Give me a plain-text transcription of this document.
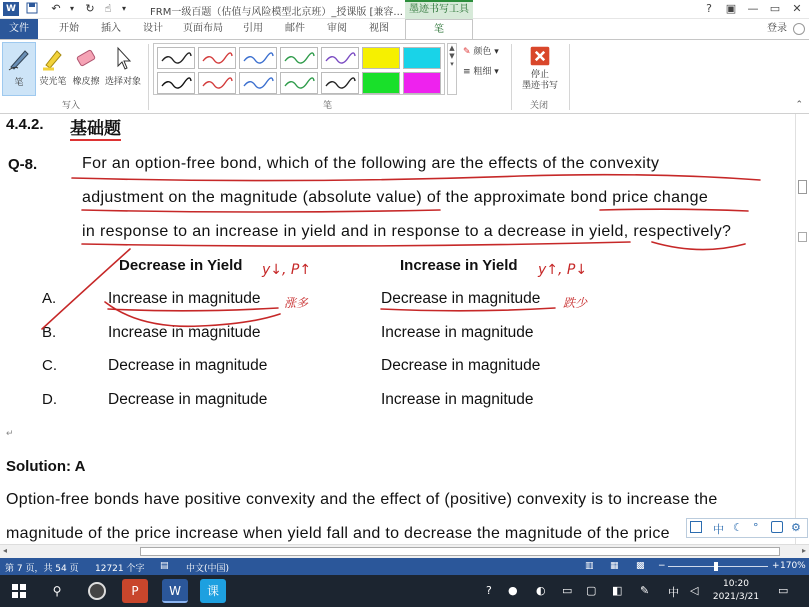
W	↶	▾	↻ ☝	▾	FRM一级百题（估值与风险模型北京班）_授课版 [兼容... 墨迹书写工具	?	▣	—	▭	✕
文件	开始	插入	设计	页面布局	引用	邮件	审阅	视图	笔	登录
笔	荧光笔 橡皮擦 选择对象
写入
▲
▼
▾
✎ 颜色 ▾
≡ 粗细 ▾
笔
停止
墨迹书写
关闭	⌃
4.4.2. 基础题
Q-8.	For an option-free bond, which of the following are the effects of the convexity
adjustment on the magnitude (absolute value) of the approximate bond price change
in response to an increase in yield and in response to a decrease in yield, respectively?
Decrease in Yield	Increase in Yield
A.	Increase in magnitude	Decrease in magnitude
B.	Increase in magnitude	Increase in magnitude
C.	Decrease in magnitude	Decrease in magnitude
D.	Decrease in magnitude	Increase in magnitude
↵
Solution: A
Option-free bonds have positive convexity and the effect of (positive) convexity is to increase the
magnitude of the price increase when yield fall and to decrease the magnitude of the price
y↓, P↑	y↑, P↓
涨多	跌少
中 ☾ °	⚙
◂	▸
第 7 页，共 54 页 12721 个字 ▤ 中文(中国)	▥ ▦ ▩ −	+ 170%
⚲	P	W	课	? ● ◐ ▭ ▢ ◧ ✎ 中 ◁	10:20
2021/3/21 ▭
